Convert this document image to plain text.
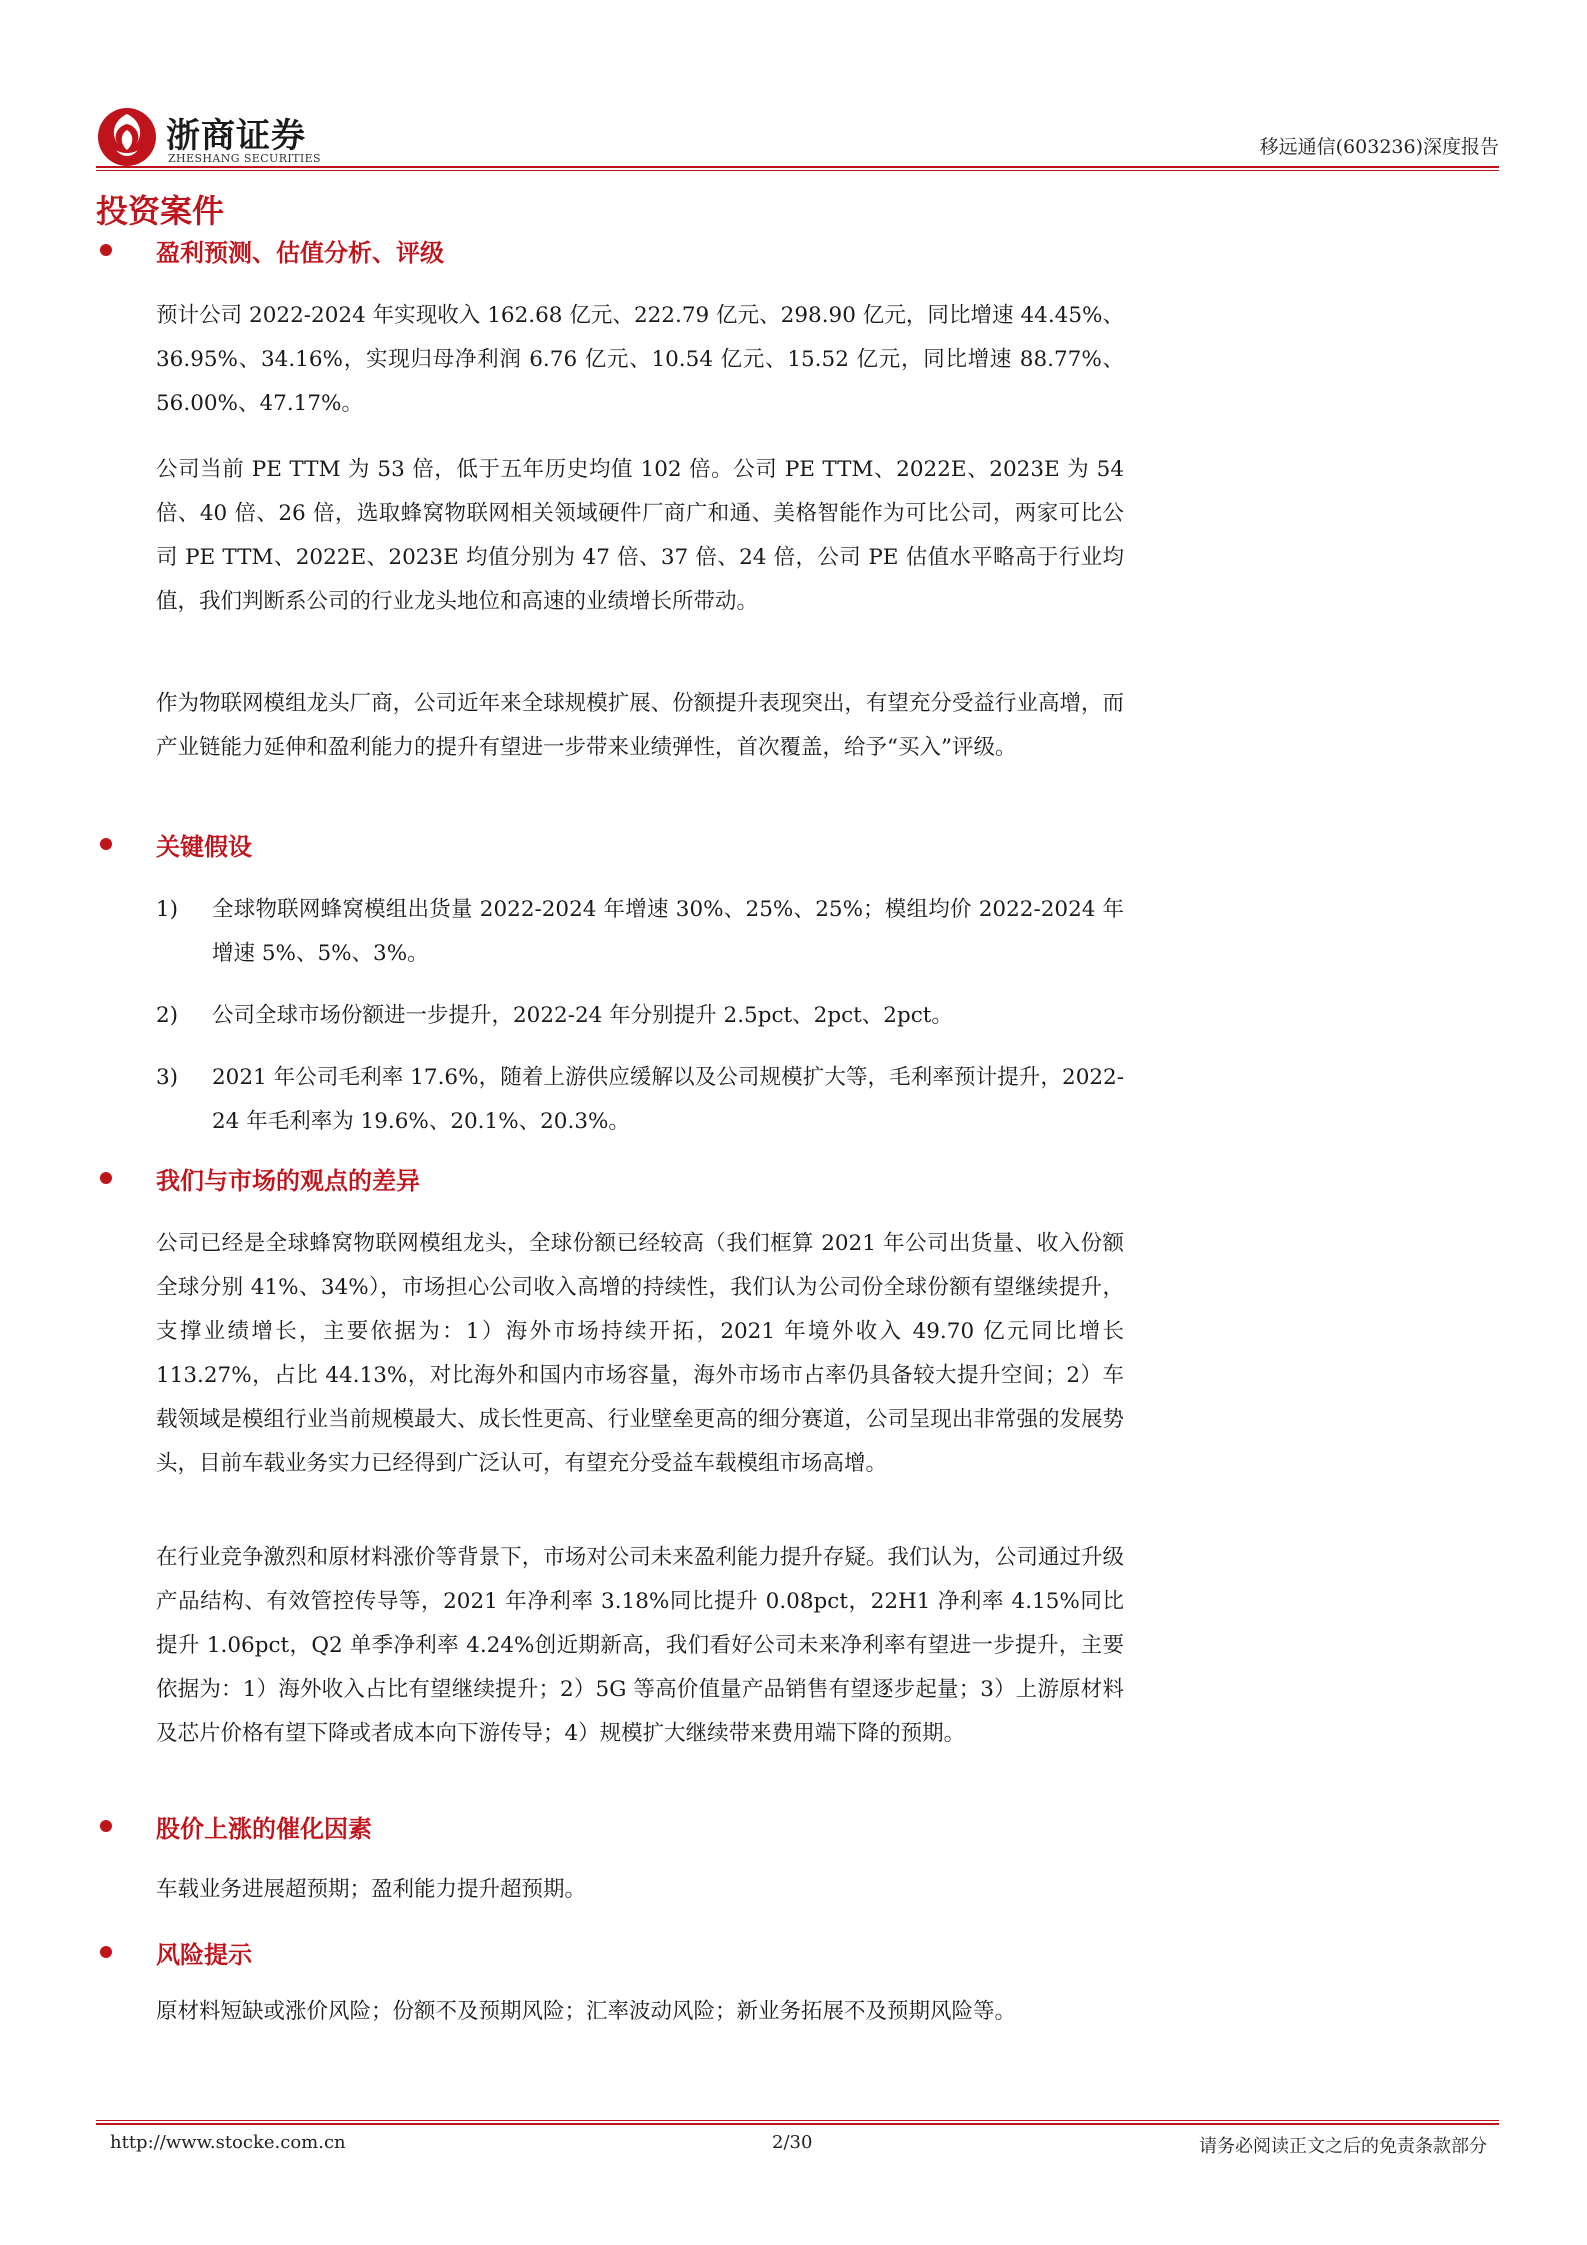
浙商证券
ZHESHANG SECURITIES
移远通信(603236)深度报告
投资案件
盈利预测、估值分析、评级
预计公司 2022-2024 年实现收入 162.68 亿元、222.79 亿元、298.90 亿元，同比增速 44.45%、36.95%、34.16%，实现归母净利润 6.76 亿元、10.54 亿元、15.52 亿元，同比增速 88.77%、56.00%、47.17%。
公司当前 PE TTM 为 53 倍，低于五年历史均值 102 倍。公司 PE TTM、2022E、2023E 为 54 倍、40 倍、26 倍，选取蜂窝物联网相关领域硬件厂商广和通、美格智能作为可比公司，两家可比公司 PE TTM、2022E、2023E 均值分别为 47 倍、37 倍、24 倍，公司 PE 估值水平略高于行业均值，我们判断系公司的行业龙头地位和高速的业绩增长所带动。
作为物联网模组龙头厂商，公司近年来全球规模扩展、份额提升表现突出，有望充分受益行业高增，而产业链能力延伸和盈利能力的提升有望进一步带来业绩弹性，首次覆盖，给予“买入”评级。
关键假设
1) 全球物联网蜂窝模组出货量 2022-2024 年增速 30%、25%、25%；模组均价 2022-2024 年增速 5%、5%、3%。
2) 公司全球市场份额进一步提升，2022-24 年分别提升 2.5pct、2pct、2pct。
3) 2021 年公司毛利率 17.6%，随着上游供应缓解以及公司规模扩大等，毛利率预计提升，2022-24 年毛利率为 19.6%、20.1%、20.3%。
我们与市场的观点的差异
公司已经是全球蜂窝物联网模组龙头，全球份额已经较高（我们框算 2021 年公司出货量、收入份额全球分别 41%、34%），市场担心公司收入高增的持续性，我们认为公司份全球份额有望继续提升，支撑业绩增长，主要依据为：1）海外市场持续开拓，2021 年境外收入 49.70 亿元同比增长 113.27%，占比 44.13%，对比海外和国内市场容量，海外市场市占率仍具备较大提升空间；2）车载领域是模组行业当前规模最大、成长性更高、行业壁垒更高的细分赛道，公司呈现出非常强的发展势头，目前车载业务实力已经得到广泛认可，有望充分受益车载模组市场高增。
在行业竞争激烈和原材料涨价等背景下，市场对公司未来盈利能力提升存疑。我们认为，公司通过升级产品结构、有效管控传导等，2021 年净利率 3.18%同比提升 0.08pct，22H1 净利率 4.15%同比提升 1.06pct，Q2 单季净利率 4.24%创近期新高，我们看好公司未来净利率有望进一步提升，主要依据为：1）海外收入占比有望继续提升；2）5G 等高价值量产品销售有望逐步起量；3）上游原材料及芯片价格有望下降或者成本向下游传导；4）规模扩大继续带来费用端下降的预期。
股价上涨的催化因素
车载业务进展超预期；盈利能力提升超预期。
风险提示
原材料短缺或涨价风险；份额不及预期风险；汇率波动风险；新业务拓展不及预期风险等。
http://www.stocke.com.cn	2/30	请务必阅读正文之后的免责条款部分
